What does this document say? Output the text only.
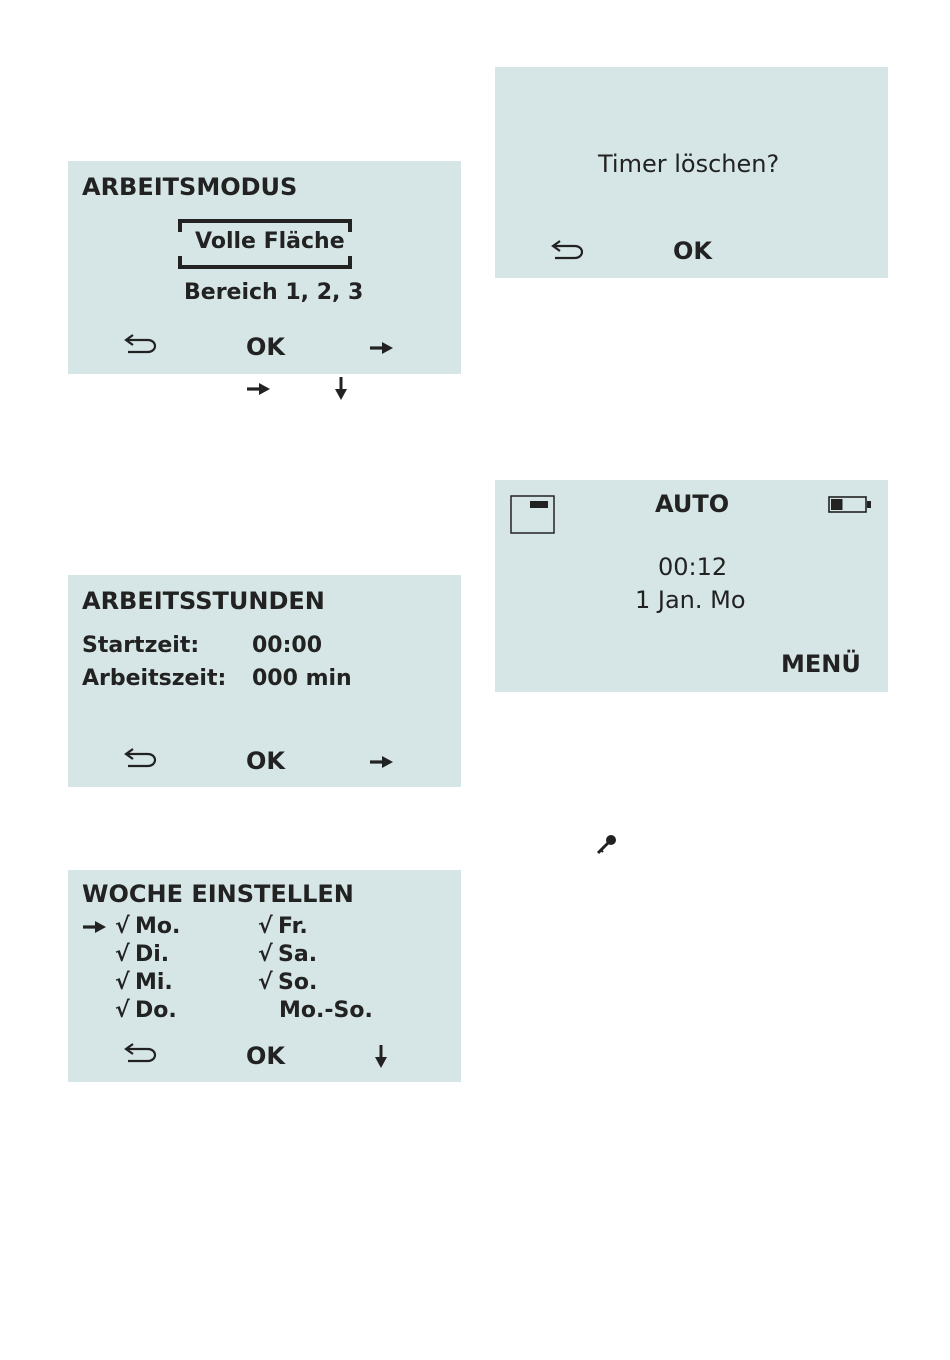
ARBEITSMODUS
Volle Fläche
Bereich 1, 2, 3
OK
Timer löschen?
OK
ARBEITSSTUNDEN
Startzeit: 00:00
Arbeitszeit: 000 min
OK
AUTO
00:12
1 Jan. Mo
MENÜ
WOCHE EINSTELLEN
√ Mo.
√ Di.
√ Mi.
√ Do.
√ Fr.
√ Sa.
√ So.
Mo.-So.
OK
